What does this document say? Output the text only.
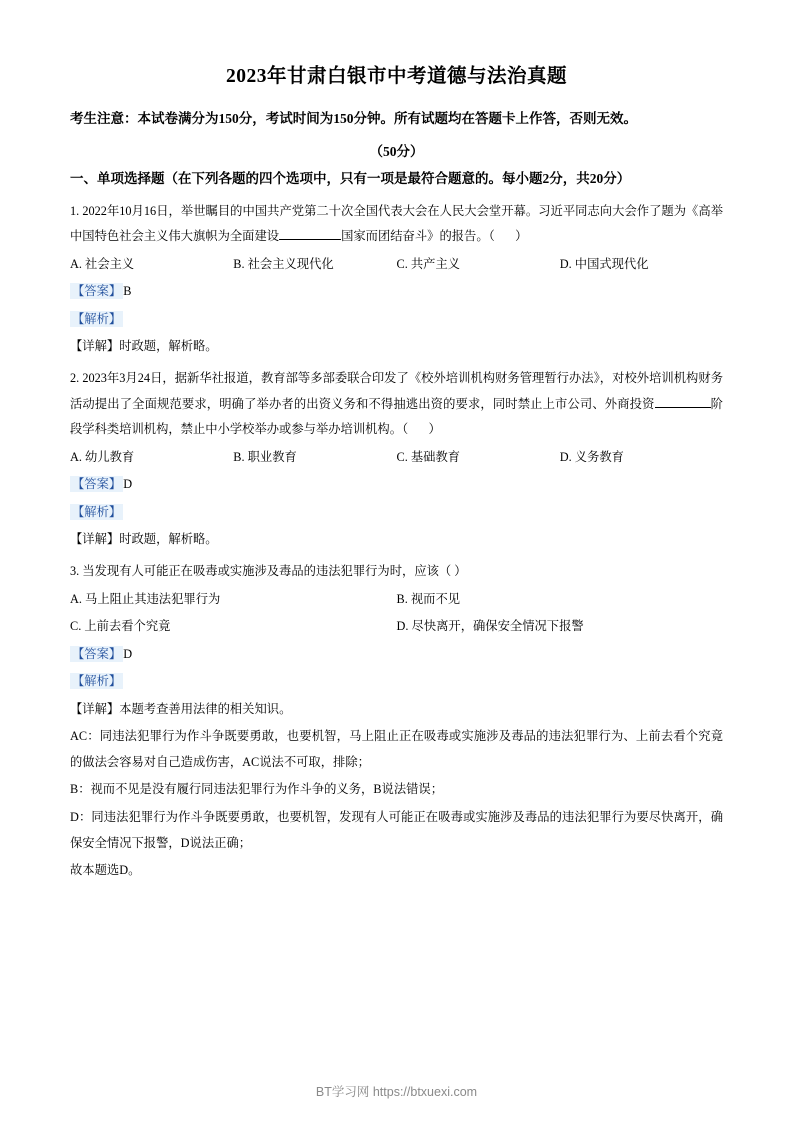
2023年甘肃白银市中考道德与法治真题

考生注意：本试卷满分为150分，考试时间为150分钟。所有试题均在答题卡上作答，否则无效。

（50分）

一、单项选择题（在下列各题的四个选项中，只有一项是最符合题意的。每小题2分，共20分）

1. 2022年10月16日，举世瞩目的中国共产党第二十次全国代表大会在人民大会堂开幕。习近平同志向大会作了题为《高举中国特色社会主义伟大旗帜为全面建设	国家而团结奋斗》的报告。（ ）

A. 社会主义	B. 社会主义现代化	C. 共产主义	D. 中国式现代化

【答案】 B

【解析】

【详解】时政题，解析略。

2. 2023年3月24日，据新华社报道，教育部等多部委联合印发了《校外培训机构财务管理暂行办法》，对校外培训机构财务活动提出了全面规范要求，明确了举办者的出资义务和不得抽逃出资的要求，同时禁止上市公司、外商投资	阶段学科类培训机构，禁止中小学校举办或参与举办培训机构。（ ）

A. 幼儿教育	B. 职业教育	C. 基础教育	D. 义务教育

【答案】 D

【解析】

【详解】时政题，解析略。

3. 当发现有人可能正在吸毒或实施涉及毒品的违法犯罪行为时，应该（ ）

A. 马上阻止其违法犯罪行为	B. 视而不见
C. 上前去看个究竟	D. 尽快离开，确保安全情况下报警

【答案】 D

【解析】

【详解】本题考查善用法律的相关知识。

AC：同违法犯罪行为作斗争既要勇敢，也要机智，马上阻止正在吸毒或实施涉及毒品的违法犯罪行为、上前去看个究竟的做法会容易对自己造成伤害，AC说法不可取，排除；

B：视而不见是没有履行同违法犯罪行为作斗争的义务，B说法错误；

D：同违法犯罪行为作斗争既要勇敢，也要机智，发现有人可能正在吸毒或实施涉及毒品的违法犯罪行为要尽快离开，确保安全情况下报警，D说法正确；

故本题选D。

BT学习网 https://btxuexi.com
